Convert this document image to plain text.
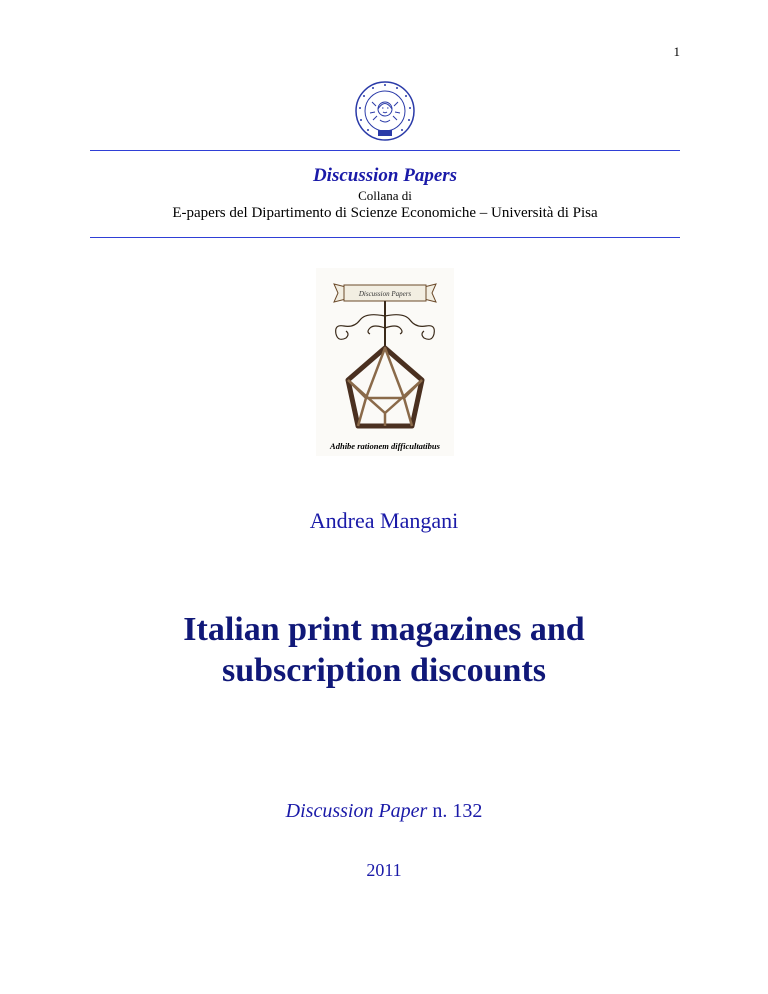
1
Discussion Papers
Collana di
E-papers del Dipartimento di Scienze Economiche – Università di Pisa
Discussion Papers
Adhibe rationem difficultatibus
Andrea Mangani
Italian print magazines and
subscription discounts
Discussion Paper n. 132
2011
